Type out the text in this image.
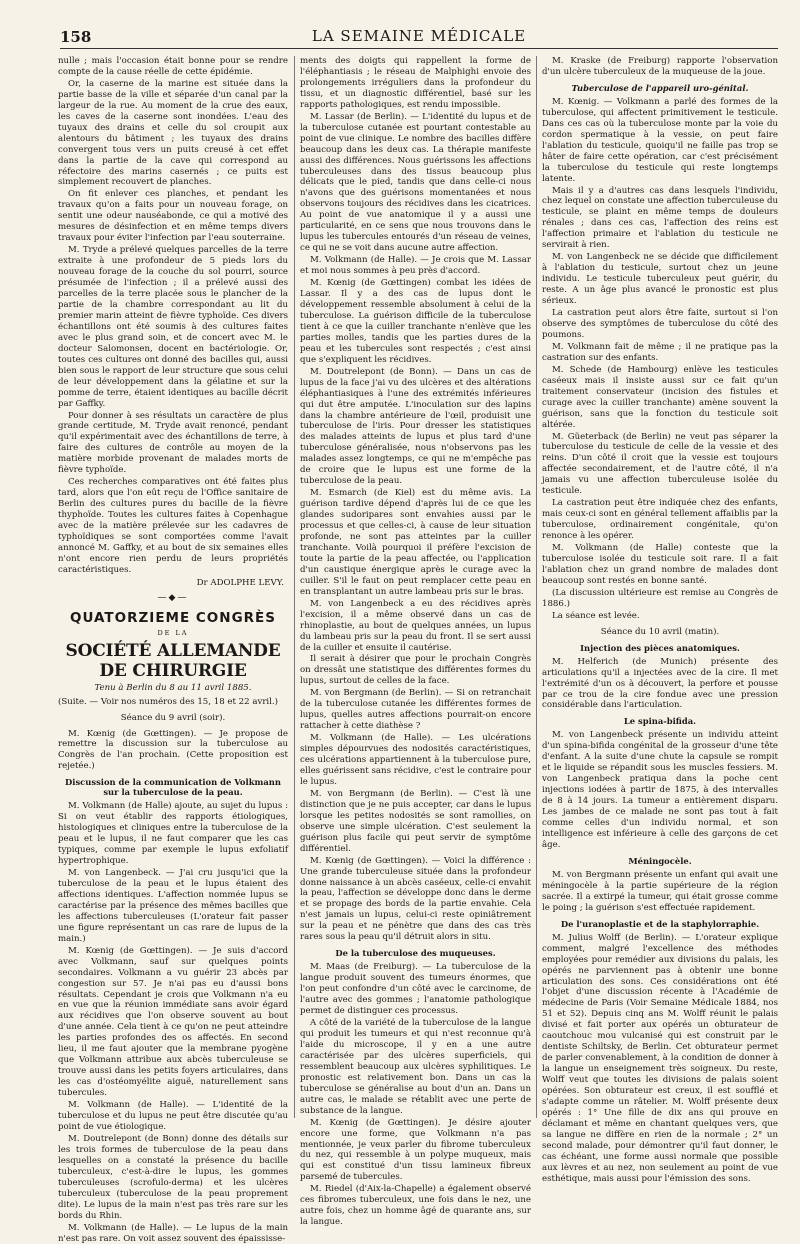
158	LA SEMAINE MÉDICALE

nulle ; mais l'occasion était bonne pour se rendre compte de la cause réelle de cette épidémie.

Or, la caserne de la marine est située dans la partie basse de la ville et séparée d'un canal par la largeur de la rue. Au moment de la crue des eaux, les caves de la caserne sont inondées. L'eau des tuyaux des drains et celle du sol croupit aux alentours du bâtiment ; les tuyaux des drains convergent tous vers un puits creusé à cet effet dans la partie de la cave qui correspond au réfectoire des marins casernés ; ce puits est simplement recouvert de planches.

On fit enlever ces planches, et pendant les travaux qu'on a faits pour un nouveau forage, on sentit une odeur nauséabonde, ce qui a motivé des mesures de désinfection et en même temps divers travaux pour éviter l'infection par l'eau souterraine.

M. Tryde a prélevé quelques parcelles de la terre extraite à une profondeur de 5 pieds lors du nouveau forage de la couche du sol pourri, source présumée de l'infection ; il a prélevé aussi des parcelles de la terre placée sous le plancher de la partie de la chambre correspondant au lit du premier marin atteint de fièvre typhoïde. Ces divers échantillons ont été soumis à des cultures faites avec le plus grand soin, et de concert avec M. le docteur Salomonsen, docent en bactériologie. Or, toutes ces cultures ont donné des bacilles qui, aussi bien sous le rapport de leur structure que sous celui de leur développement dans la gélatine et sur la pomme de terre, étaient identiques au bacille décrit par Gaffky.

Pour donner à ses résultats un caractère de plus grande certitude, M. Tryde avait renoncé, pendant qu'il expérimentait avec des échantillons de terre, à faire des cultures de contrôle au moyen de la matière morbide provenant de malades morts de fièvre typhoïde.

Ces recherches comparatives ont été faites plus tard, alors que l'on eût reçu de l'Office sanitaire de Berlin des cultures pures du bacille de la fièvre thyphoïde. Toutes les cultures faites à Copenhague avec de la matière prélevée sur les cadavres de typhoïdiques se sont comportées comme l'avait annoncé M. Gaffky, et au bout de six semaines elles n'ont encore rien perdu de leurs propriétés caractéristiques.

Dr ADOLPHE LEVY.
—◆—
QUATORZIEME CONGRÈS
DE LA
SOCIÉTÉ ALLEMANDE DE CHIRURGIE
Tenu à Berlin du 8 au 11 avril 1885.

(Suite. — Voir nos numéros des 15, 18 et 22 avril.)

Séance du 9 avril (soir).

M. Kœnig (de Gœttingen). — Je propose de remettre la discussion sur la tuberculose au Congrès de l'an prochain. (Cette proposition est rejetée.)

Discussion de la communication de Volkmann sur la tuberculose de la peau.

M. Volkmann (de Halle) ajoute, au sujet du lupus : Si on veut établir des rapports étiologiques, histologiques et cliniques entre la tuberculose de la peau et le lupus, il ne faut comparer que les cas typiques, comme par exemple le lupus exfoliatif hypertrophique.

M. von Langenbeck. — J'ai cru jusqu'ici que la tuberculose de la peau et le lupus étaient des affections identiques. L'affection nommée lupus se caractérise par la présence des mêmes bacilles que les affections tuberculeuses (L'orateur fait passer une figure représentant un cas rare de lupus de la main.)

M. Kœnig (de Gœttingen). — Je suis d'accord avec Volkmann, sauf sur quelques points secondaires. Volkmann a vu guérir 23 abcès par congestion sur 57. Je n'ai pas eu d'aussi bons résultats. Cependant je crois que Volkmann n'a eu en vue que la réunion immédiate sans avoir égard aux récidives que l'on observe souvent au bout d'une année. Cela tient à ce qu'on ne peut atteindre les parties profondes des os affectés. En second lieu, il me faut ajouter que la membrane pyogène que Volkmann attribue aux abcès tuberculeuse se trouve aussi dans les petits foyers articulaires, dans les cas d'ostéomyélite aiguë, naturellement sans tubercules.

M. Volkmann (de Halle). — L'identité de la tuberculose et du lupus ne peut être discutée qu'au point de vue étiologique.

M. Doutrelepont (de Bonn) donne des détails sur les trois formes de tuberculose de la peau dans lesquelles on a constaté la présence du bacille tuberculeux, c'est-à-dire le lupus, les gommes tuberculeuses (scrofulo-derma) et les ulcères tuberculeux (tuberculose de la peau proprement dite). Le lupus de la main n'est pas très rare sur les bords du Rhin.

M. Volkmann (de Halle). — Le lupus de la main n'est pas rare. On voit assez souvent des épaississe-

ments des doigts qui rappellent la forme de l'éléphantiasis ; le réseau de Malphighi envoie des prolongements irréguliers dans la profondeur du tissu, et un diagnostic différentiel, basé sur les rapports pathologiques, est rendu impossible.

M. Lassar (de Berlin). — L'identité du lupus et de la tuberculose cutanée est pourtant contestable au point de vue clinique. Le nombre des bacilles diffère beaucoup dans les deux cas. La thérapie manifeste aussi des différences. Nous guérissons les affections tuberculeuses dans des tissus beaucoup plus délicats que le pied, tandis que dans celle-ci nous n'avons que des guérisons momentanées et nous observons toujours des récidives dans les cicatrices. Au point de vue anatomique il y a aussi une particularité, en ce sens que nous trouvons dans le lupus les tubercules entourés d'un réseau de veines, ce qui ne se voit dans aucune autre affection.

M. Volkmann (de Halle). — Je crois que M. Lassar et moi nous sommes à peu près d'accord.

M. Kœnig (de Gœttingen) combat les idées de Lassar. Il y a des cas de lupus dont le développement ressemble absolument à celui de la tuberculose. La guérison difficile de la tuberculose tient à ce que la cuiller tranchante n'enlève que les parties molles, tandis que les parties dures de la peau et les tubercules sont respectés ; c'est ainsi que s'expliquent les récidives.

M. Doutrelepont (de Bonn). — Dans un cas de lupus de la face j'ai vu des ulcères et des altérations éléphantiasiques à l'une des extrémités inférieures qui dut être amputée. L'inoculation sur des lapins dans la chambre antérieure de l'œil, produisit une tuberculose de l'iris. Pour dresser les statistiques des malades atteints de lupus et plus tard d'une tuberculose généralisée, nous n'observons pas les malades assez longtemps, ce qui ne m'empêche pas de croire que le lupus est une forme de la tuberculose de la peau.

M. Esmarch (de Kiel) est du même avis. La guérison tardive dépend d'après lui de ce que les glandes sudoripares sont envahies aussi par le processus et que celles-ci, à cause de leur situation profonde, ne sont pas atteintes par la cuiller tranchante. Voilà pourquoi il préfère l'excision de toute la partie de la peau affectée, ou l'application d'un caustique énergique après le curage avec la cuiller. S'il le faut on peut remplacer cette peau en en transplantant un autre lambeau pris sur le bras.

M. von Langenbeck a eu des récidives après l'excision, il a même observé dans un cas de rhinoplastie, au bout de quelques années, un lupus du lambeau pris sur la peau du front. Il se sert aussi de la cuiller et ensuite il cautérise.

Il serait à désirer que pour le prochain Congrès on dressât une statistique des différentes formes du lupus, surtout de celles de la face.

M. von Bergmann (de Berlin). — Si on retranchait de la tuberculose cutanée les différentes formes de lupus, quelles autres affections pourrait-on encore rattacher à cette diathèse ?

M. Volkmann (de Halle). — Les ulcérations simples dépourvues des nodosités caractéristiques, ces ulcérations appartiennent à la tuberculose pure, elles guérissent sans récidive, c'est le contraire pour le lupus.

M. von Bergmann (de Berlin). — C'est là une distinction que je ne puis accepter, car dans le lupus lorsque les petites nodosités se sont ramollies, on observe une simple ulcération. C'est seulement la guérison plus facile qui peut servir de symptôme différentiel.

M. Kœnig (de Gœttingen). — Voici la différence : Une grande tuberculeuse située dans la profondeur donne naissance à un abcès caséeux, celle-ci envahit la peau, l'affection se développe donc dans le derme et se propage des bords de la partie envahie. Cela n'est jamais un lupus, celui-ci reste opiniâtrement sur la peau et ne pénètre que dans des cas très rares sous la peau qu'il détruit alors in situ.

De la tuberculose des muqueuses.

M. Maas (de Freiburg). — La tuberculose de la langue produit souvent des tumeurs énormes, que l'on peut confondre d'un côté avec le carcinome, de l'autre avec des gommes ; l'anatomie pathologique permet de distinguer ces processus.

A côté de la variété de la tuberculose de la langue qui produit les tumeurs et qui n'est reconnue qu'à l'aide du microscope, il y en a une autre caractérisée par des ulcères superficiels, qui ressemblent beaucoup aux ulcères syphilitiques. Le pronostic est relativement bon. Dans un cas la tuberculose se généralise au bout d'un an. Dans un autre cas, le malade se rétablit avec une perte de substance de la langue.

M. Kœnig (de Gœttingen). Je désire ajouter encore une forme, que Volkmann n'a pas mentionnée, je veux parler du fibrome tuberculeux du nez, qui ressemble à un polype muqueux, mais qui est constitué d'un tissu lamineux fibreux parsemé de tubercules.

M. Riedel (d'Aix-la-Chapelle) a également observé ces fibromes tuberculeux, une fois dans le nez, une autre fois, chez un homme âgé de quarante ans, sur la langue.

M. Kraske (de Freiburg) rapporte l'observation d'un ulcère tuberculeux de la muqueuse de la joue.

Tuberculose de l'appareil uro-génital.

M. Kœnig. — Volkmann a parlé des formes de la tuberculose, qui affectent primitivement le testicule. Dans ces cas où la tuberculose monte par la voie du cordon spermatique à la vessie, on peut faire l'ablation du testicule, quoiqu'il ne faille pas trop se hâter de faire cette opération, car c'est précisément la tuberculose du testicule qui reste longtemps latente.

Mais il y a d'autres cas dans lesquels l'individu, chez lequel on constate une affection tuberculeuse du testicule, se plaint en même temps de douleurs rénales ; dans ces cas, l'affection des reins est l'affection primaire et l'ablation du testicule ne servirait à rien.

M. von Langenbeck ne se décide que difficilement à l'ablation du testicule, surtout chez un jeune individu. Le testicule tuberculeux peut guérir, du reste. A un âge plus avancé le pronostic est plus sérieux.

La castration peut alors être faite, surtout si l'on observe des symptômes de tuberculose du côté des poumons.

M. Volkmann fait de même ; il ne pratique pas la castration sur des enfants.

M. Schede (de Hambourg) enlève les testicules caséeux mais il insiste aussi sur ce fait qu'un traitement conservateur (incision des fistules et curage avec la cuiller tranchante) amène souvent la guérison, sans que la fonction du testicule soit altérée.

M. Güeterback (de Berlin) ne veut pas séparer la tuberculose du testicule de celle de la vessie et des reins. D'un côté il croit que la vessie est toujours affectée secondairement, et de l'autre côté, il n'a jamais vu une affection tuberculeuse isolée du testicule.

La castration peut être indiquée chez des enfants, mais ceux-ci sont en général tellement affaiblis par la tuberculose, ordinairement congénitale, qu'on renonce à les opérer.

M. Volkmann (de Halle) conteste que la tuberculose isolée du testicule soit rare. Il a fait l'ablation chez un grand nombre de malades dont beaucoup sont restés en bonne santé.

(La discussion ultérieure est remise au Congrès de 1886.)

La séance est levée.

Séance du 10 avril (matin).
Injection des pièces anatomiques.

M. Helferich (de Munich) présente des articulations qu'il a injectées avec de la cire. Il met l'extrémité d'un os à découvert, la perfore et pousse par ce trou de la cire fondue avec une pression considérable dans l'articulation.

Le spina-bifida.

M. von Langenbeck présente un individu atteint d'un spina-bifida congénital de la grosseur d'une tête d'enfant. A la suite d'une chute la capsule se rompit et le liquide se répandit sous les muscles fessiers. M. von Langenbeck pratiqua dans la poche cent injections iodées à partir de 1875, à des intervalles de 8 à 14 jours. La tumeur a entièrement disparu. Les jambes de ce malade ne sont pas tout à fait comme celles d'un individu normal, et son intelligence est inférieure à celle des garçons de cet âge.

Méningocèle.

M. von Bergmann présente un enfant qui avait une méningocèle à la partie supérieure de la région sacrée. Il a extirpé la tumeur, qui était grosse comme le poing ; la guérison s'est effectuée rapidement.

De l'uranoplastie et de la staphylorraphie.

M. Julius Wolff (de Berlin). — L'orateur explique comment, malgré l'excellence des méthodes employées pour remédier aux divisions du palais, les opérés ne parviennent pas à obtenir une bonne articulation des sons. Ces considérations ont été l'objet d'une discussion récente à l'Académie de médecine de Paris (Voir Semaine Médicale 1884, nos 51 et 52). Depuis cinq ans M. Wolff réunit le palais divisé et fait porter aux opérés un obturateur de caoutchouc mou vulcanisé qui est construit par le dentiste Schiltsky, de Berlin. Cet obturateur permet de parler convenablement, à la condition de donner à la langue un enseignement très soigneux. Du reste, Wolff veut que toutes les divisions de palais soient opérées. Son obturateur est creux, il est soufflé et s'adapte comme un râtelier. M. Wolff présente deux opérés : 1° Une fille de dix ans qui prouve en déclamant et même en chantant quelques vers, que sa langue ne diffère en rien de la normale ; 2° un second malade, pour démontrer qu'il faut donner, le cas échéant, une forme aussi normale que possible aux lèvres et au nez, non seulement au point de vue esthétique, mais aussi pour l'émission des sons.
